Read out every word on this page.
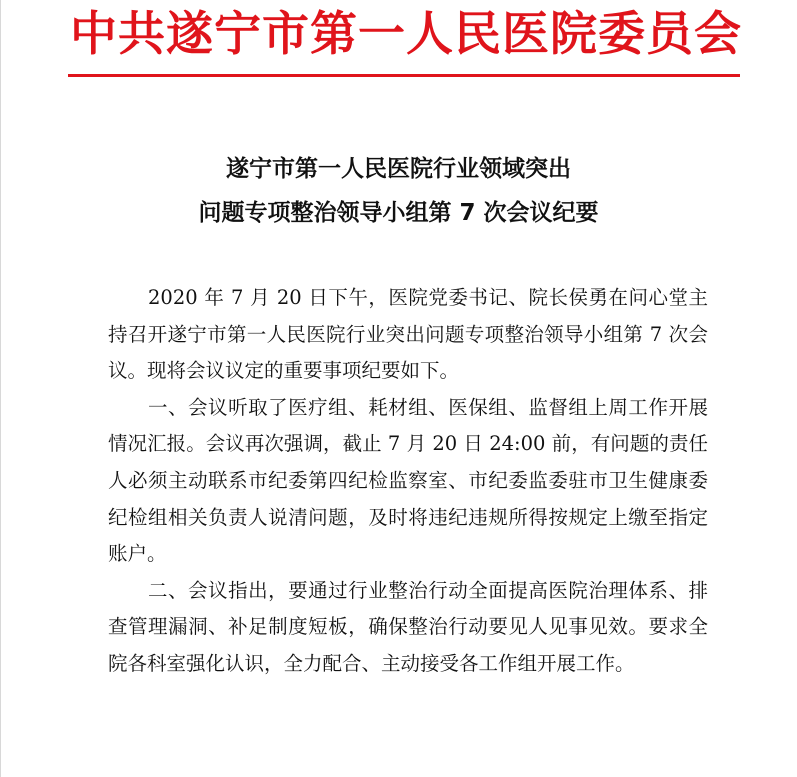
中共遂宁市第一人民医院委员会
遂宁市第一人民医院行业领域突出
问题专项整治领导小组第 7 次会议纪要

2020 年 7 月 20 日下午，医院党委书记、院长侯勇在问心堂主持召开遂宁市第一人民医院行业突出问题专项整治领导小组第 7 次会议。现将会议议定的重要事项纪要如下。

一、会议听取了医疗组、耗材组、医保组、监督组上周工作开展情况汇报。会议再次强调，截止 7 月 20 日 24:00 前，有问题的责任人必须主动联系市纪委第四纪检监察室、市纪委监委驻市卫生健康委纪检组相关负责人说清问题，及时将违纪违规所得按规定上缴至指定账户。

二、会议指出，要通过行业整治行动全面提高医院治理体系、排查管理漏洞、补足制度短板，确保整治行动要见人见事见效。要求全院各科室强化认识，全力配合、主动接受各工作组开展工作。
